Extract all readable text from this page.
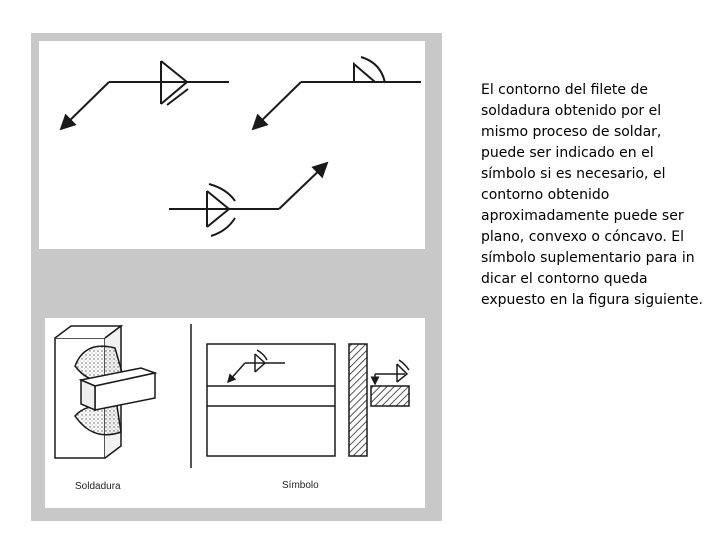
Soldadura	Símbolo

El contorno del filete de soldadura obtenido por el mismo proceso de soldar, puede ser indicado en el símbolo si es necesario, el contorno obtenido aproximadamente puede ser plano, convexo o cóncavo. El símbolo suplementario para in dicar el contorno queda expuesto en la figura siguiente.
